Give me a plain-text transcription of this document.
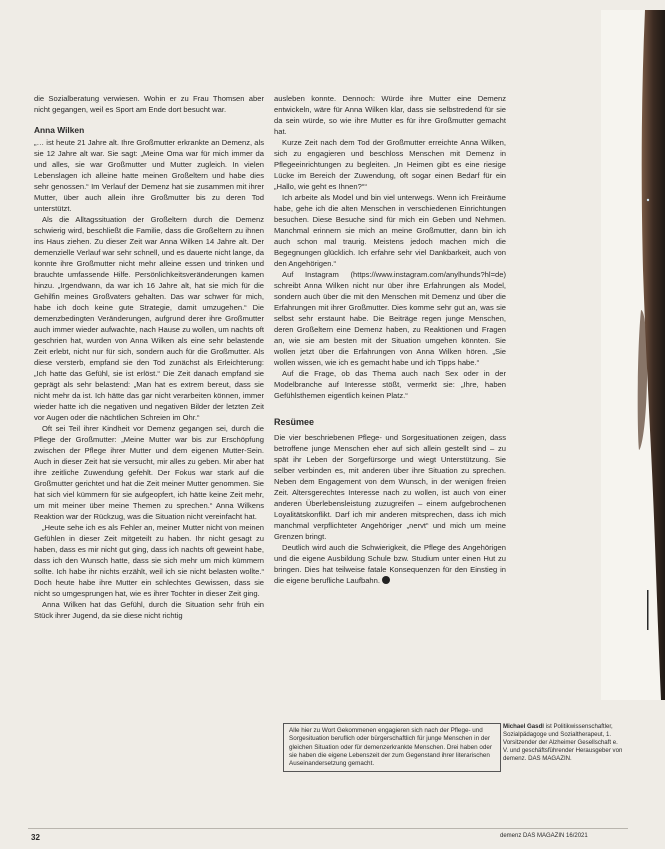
die Sozialberatung verwiesen. Wohin er zu Frau Thomsen aber nicht gegangen, weil es Sport am Ende dort besucht war.

Anna Wilken

„… ist heute 21 Jahre alt. Ihre Großmutter erkrankte an Demenz, als sie 12 Jahre alt war. Sie sagt: „Meine Oma war für mich immer da und alles, sie war Großmutter und Mutter zugleich. In vielen Lebenslagen ich alleine hatte meinen Großeltern und habe dies sehr genossen.“ Im Verlauf der Demenz hat sie zusammen mit ihrer Mutter, über auch allein ihre Großmutter bis zu deren Tod unterstützt.

Als die Alltagssituation der Großeltern durch die Demenz schwierig wird, beschließt die Familie, dass die Großeltern zu ihnen ins Haus ziehen. Zu dieser Zeit war Anna Wilken 14 Jahre alt. Der demenzielle Verlauf war sehr schnell, und es dauerte nicht lange, da konnte ihre Großmutter nicht mehr alleine essen und trinken und brauchte umfassende Hilfe. Persönlichkeitsveränderungen kamen hinzu. „Irgendwann, da war ich 16 Jahre alt, hat sie mich für die Gehilfin meines Großvaters gehalten. Das war schwer für mich, habe ich doch keine gute Strategie, damit umzugehen.“ Die demenzbedingten Veränderungen, aufgrund derer ihre Großmutter auch immer wieder aufwachte, nach Hause zu wollen, um nachts oft geschrien hat, wurden von Anna Wilken als eine sehr belastende Zeit erlebt, nicht nur für sich, sondern auch für die Großmutter. Als diese versterb, empfand sie den Tod zunächst als Erleichterung: „Ich hatte das Gefühl, sie ist erlöst.“ Die Zeit danach empfand sie geprägt als sehr belastend: „Man hat es extrem bereut, dass sie nicht mehr da ist. Ich hätte das gar nicht verarbeiten können, immer wieder hatte ich die negativen und negativen Bilder der letzten Zeit vor Augen oder die nächtlichen Schreien im Ohr.“

Oft sei Teil ihrer Kindheit vor Demenz gegangen sei, durch die Pflege der Großmutter: „Meine Mutter war bis zur Erschöpfung zwischen der Pflege ihrer Mutter und dem eigenen Mutter-Sein. Auch in dieser Zeit hat sie versucht, mir alles zu geben. Mir aber hat ihre zeitliche Zuwendung gefehlt. Der Fokus war stark auf die Großmutter gerichtet und hat die Zeit meiner Mutter genommen. Sie hat sich viel kümmern für sie aufgeopfert, ich hätte keine Zeit mehr, um mit meiner über meine Themen zu sprechen.“ Anna Wilkens Reaktion war der Rückzug, was die Situation nicht vereinfacht hat.

„Heute sehe ich es als Fehler an, meiner Mutter nicht von meinen Gefühlen in dieser Zeit mitgeteilt zu haben. Ihr nicht gesagt zu haben, dass es mir nicht gut ging, dass ich nachts oft geweint habe, dass ich den Wunsch hatte, dass sie sich mehr um mich kümmern sollte. Ich habe ihr nichts erzählt, weil ich sie nicht belasten wollte.“ Doch heute habe ihre Mutter ein schlechtes Gewissen, dass sie nicht so umgesprungen hat, wie es ihrer Tochter in dieser Zeit ging.

Anna Wilken hat das Gefühl, durch die Situation sehr früh ein Stück ihrer Jugend, da sie diese nicht richtig

ausleben konnte. Dennoch: Würde ihre Mutter eine Demenz entwickeln, wäre für Anna Wilken klar, dass sie selbstredend für sie da sein würde, so wie ihre Mutter es für ihre Großmutter gemacht hat.

Kurze Zeit nach dem Tod der Großmutter erreichte Anna Wilken, sich zu engagieren und beschloss Menschen mit Demenz in Pflegeeinrichtungen zu begleiten. „In Heimen gibt es eine riesige Lücke im Bereich der Zuwendung, oft sogar einen Bedarf für ein „Hallo, wie geht es Ihnen?““

Ich arbeite als Model und bin viel unterwegs. Wenn ich Freiräume habe, gehe ich die alten Menschen in verschiedenen Einrichtungen besuchen. Diese Besuche sind für mich ein Geben und Nehmen. Manchmal erinnern sie mich an meine Großmutter, dann bin ich auch schon mal traurig. Meistens jedoch machen mich die Begegnungen glücklich. Ich erfahre sehr viel Dankbarkeit, auch von den Angehörigen.“

Auf Instagram (https://www.instagram.com/anylhunds?hl=de) schreibt Anna Wilken nicht nur über ihre Erfahrungen als Model, sondern auch über die mit den Menschen mit Demenz und über die Erfahrungen mit ihrer Großmutter. Dies komme sehr gut an, was sie selbst sehr erstaunt habe. Die Beiträge regen junge Menschen, deren Großeltern eine Demenz haben, zu Reaktionen und Fragen an, wie sie am besten mit der Situation umgehen könnten. Sie wollen jetzt über die Erfahrungen von Anna Wilken hören. „Sie wollen wissen, wie ich es gemacht habe und ich Tipps habe.“

Auf die Frage, ob das Thema auch nach Sex oder in der Modelbranche auf Interesse stößt, vermerkt sie: „Ihre, haben Gefühlsthemen eigentlich keinen Platz.“

Resümee

Die vier beschriebenen Pflege- und Sorgesituationen zeigen, dass betroffene junge Menschen eher auf sich allein gestellt sind – zu spät ihr Leben der Sorgefürsorge und wiegt Unterstützung. Sie selber verbinden es, mit anderen über ihre Situation zu sprechen. Neben dem Engagement von dem Wunsch, in der wenigen freien Zeit. Altersgerechtes Interesse nach zu wollen, ist auch von einer anderen Überlebensleistung zuzugreifen – einem aufgebrochenen Loyalitätskonflikt. Darf ich mir anderen mitsprechen, dass ich mich manchmal verpflichteter Angehöriger „nervt“ und mich um meine Grenzen bringt.

Deutlich wird auch die Schwierigkeit, die Pflege des Angehörigen und die eigene Ausbildung Schule bzw. Studium unter einen Hut zu bringen. Dies hat teilweise fatale Konsequenzen für den Einstieg in die eigene berufliche Laufbahn.

Alle hier zu Wort Gekommenen engagieren sich nach der Pflege- und Sorgesituation beruflich oder bürgerschaftlich für junge Menschen in der gleichen Situation oder für demenzerkrankte Menschen. Drei haben oder sie haben die eigene Lebenszeit der zum Gegenstand ihrer literarischen Auseinandersetzung gemacht.
Michael Gasdl ist Politikwissenschaftler, Sozialpädagoge und Sozialtherapeut, 1. Vorsitzender der Alzheimer Gesellschaft e. V. und geschäftsführender Herausgeber von demenz. DAS MAGAZIN.
32	demenz DAS MAGAZIN 16/2021
